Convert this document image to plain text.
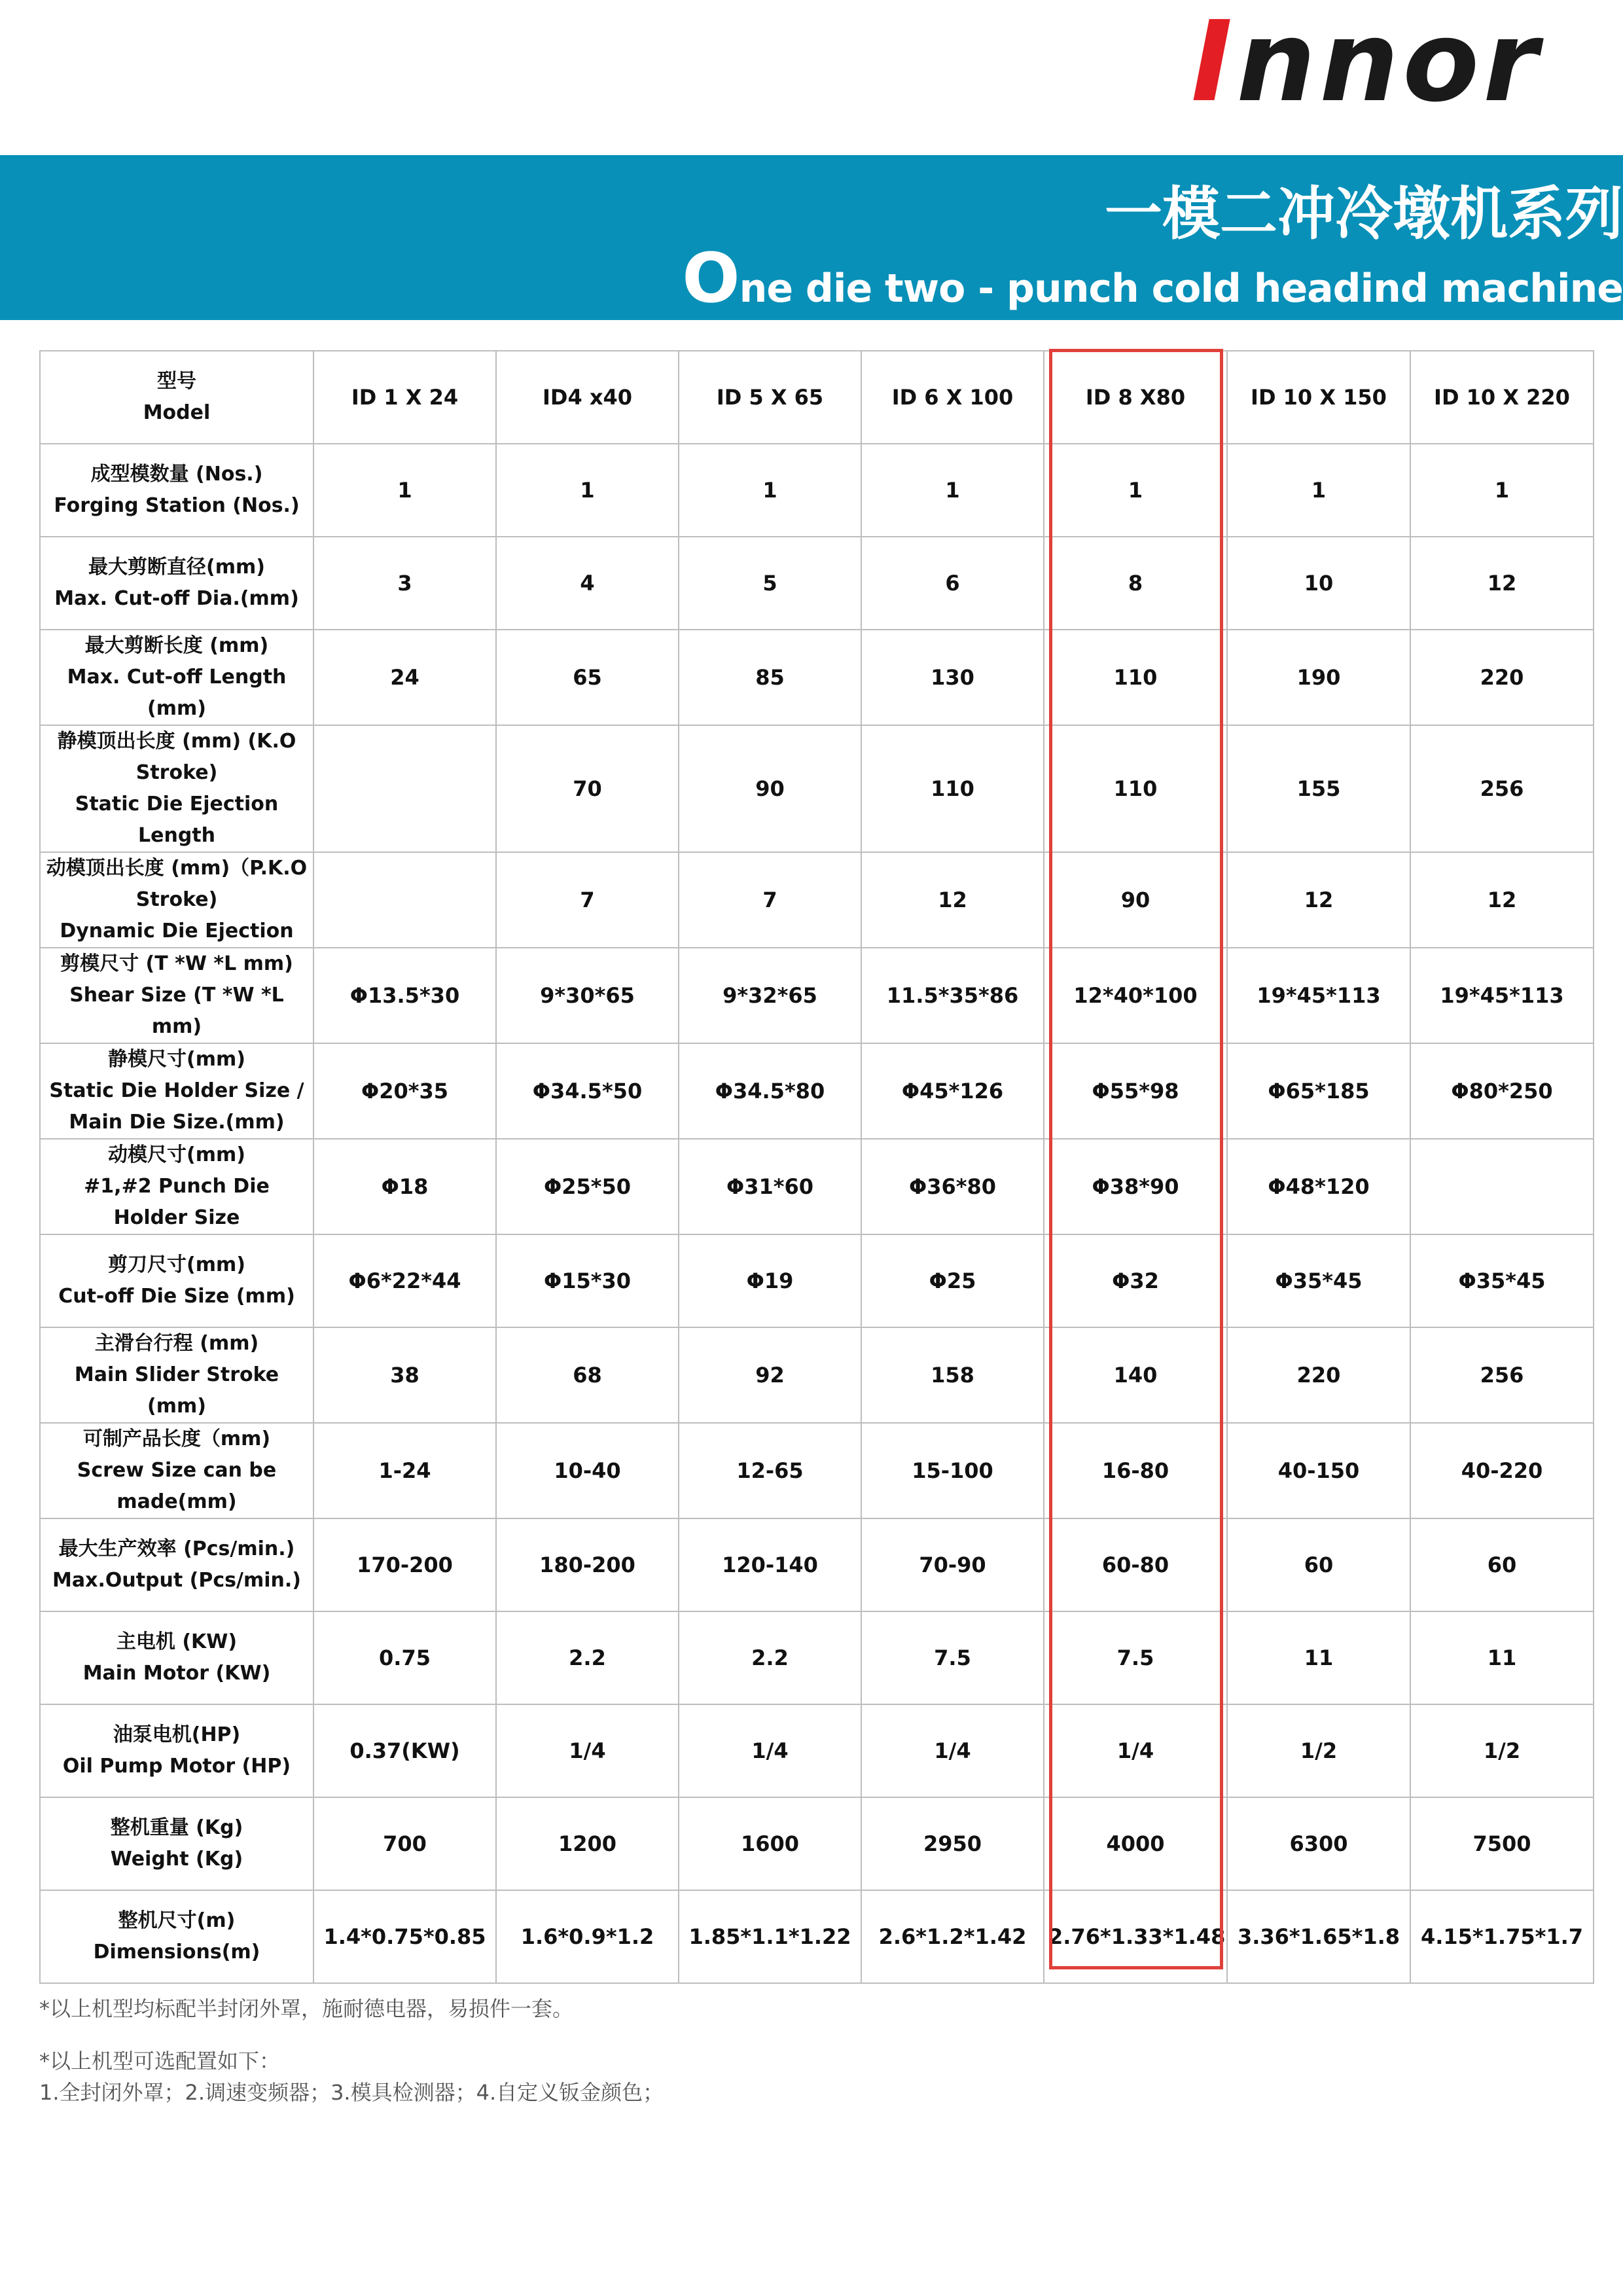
Innor
一模二冲冷墩机系列
One die two - punch cold headind machine
型号
Model	ID 1 X 24	ID4 x40	ID 5 X 65	ID 6 X 100	ID 8 X80	ID 10 X 150	ID 10 X 220

成型模数量 (Nos.)
Forging Station (Nos.)	1	1	1	1	1	1	1

最大剪断直径(mm)
Max. Cut-off Dia.(mm)	3	4	5	6	8	10	12

最大剪断长度 (mm)
Max. Cut-off Length (mm)	24	65	85	130	110	190	220

静模顶出长度 (mm) (K.O Stroke)
Static Die Ejection Length		70	90	110	110	155	256

动模顶出长度 (mm)（P.K.O Stroke)
Dynamic Die Ejection		7	7	12	90	12	12

剪模尺寸 (T *W *L mm)
Shear Size (T *W *L mm)	Φ13.5*30	9*30*65	9*32*65	11.5*35*86	12*40*100	19*45*113	19*45*113

静模尺寸(mm)
Static Die Holder Size / Main Die Size.(mm)	Φ20*35	Φ34.5*50	Φ34.5*80	Φ45*126	Φ55*98	Φ65*185	Φ80*250

动模尺寸(mm)
#1,#2 Punch Die Holder Size	Φ18	Φ25*50	Φ31*60	Φ36*80	Φ38*90	Φ48*120	

剪刀尺寸(mm)
Cut-off Die Size (mm)	Φ6*22*44	Φ15*30	Φ19	Φ25	Φ32	Φ35*45	Φ35*45

主滑台行程 (mm)
Main Slider Stroke (mm)	38	68	92	158	140	220	256

可制产品长度（mm)
Screw Size can be made(mm)	1-24	10-40	12-65	15-100	16-80	40-150	40-220

最大生产效率 (Pcs/min.)
Max.Output (Pcs/min.)	170-200	180-200	120-140	70-90	60-80	60	60

主电机 (KW)
Main Motor (KW)	0.75	2.2	2.2	7.5	7.5	11	11

油泵电机(HP)
Oil Pump Motor (HP)	0.37(KW)	1/4	1/4	1/4	1/4	1/2	1/2

整机重量 (Kg)
Weight (Kg)	700	1200	1600	2950	4000	6300	7500

整机尺寸(m)
Dimensions(m)	1.4*0.75*0.85	1.6*0.9*1.2	1.85*1.1*1.22	2.6*1.2*1.42	2.76*1.33*1.48	3.36*1.65*1.8	4.15*1.75*1.7
*以上机型均标配半封闭外罩，施耐德电器，易损件一套。
*以上机型可选配置如下：
1.全封闭外罩；2.调速变频器；3.模具检测器；4.自定义钣金颜色；
